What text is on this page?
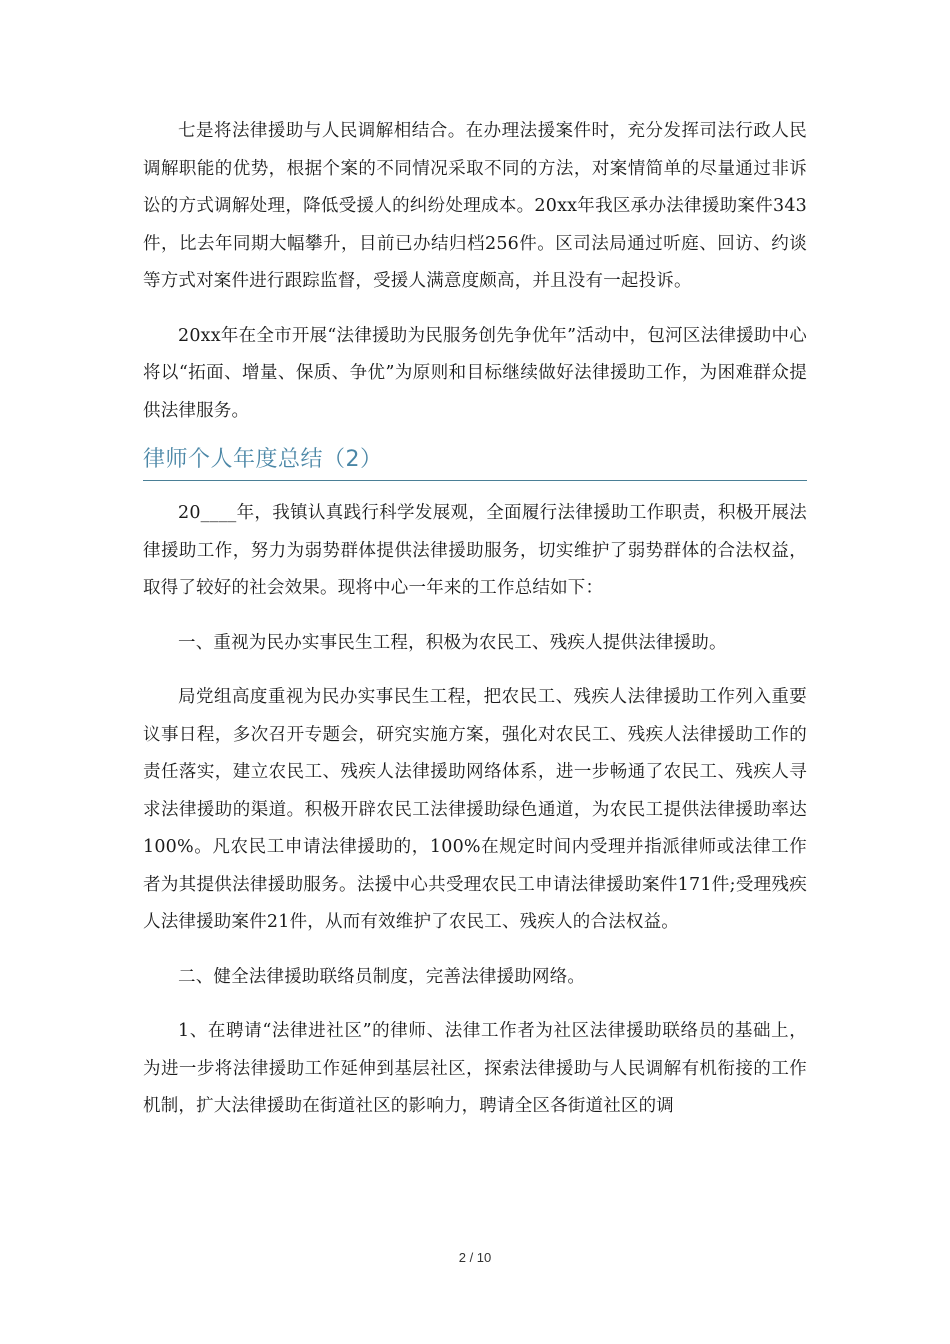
七是将法律援助与人民调解相结合。在办理法援案件时，充分发挥司法行政人民调解职能的优势，根据个案的不同情况采取不同的方法，对案情简单的尽量通过非诉讼的方式调解处理，降低受援人的纠纷处理成本。20xx年我区承办法律援助案件343件，比去年同期大幅攀升，目前已办结归档256件。区司法局通过听庭、回访、约谈等方式对案件进行跟踪监督，受援人满意度颇高，并且没有一起投诉。

20xx年在全市开展“法律援助为民服务创先争优年”活动中，包河区法律援助中心将以“拓面、增量、保质、争优”为原则和目标继续做好法律援助工作，为困难群众提供法律服务。

律师个人年度总结（2）

20____年，我镇认真践行科学发展观，全面履行法律援助工作职责，积极开展法律援助工作，努力为弱势群体提供法律援助服务，切实维护了弱势群体的合法权益，取得了较好的社会效果。现将中心一年来的工作总结如下：

一、重视为民办实事民生工程，积极为农民工、残疾人提供法律援助。

局党组高度重视为民办实事民生工程，把农民工、残疾人法律援助工作列入重要议事日程，多次召开专题会，研究实施方案，强化对农民工、残疾人法律援助工作的责任落实，建立农民工、残疾人法律援助网络体系，进一步畅通了农民工、残疾人寻求法律援助的渠道。积极开辟农民工法律援助绿色通道，为农民工提供法律援助率达100%。凡农民工申请法律援助的，100%在规定时间内受理并指派律师或法律工作者为其提供法律援助服务。法援中心共受理农民工申请法律援助案件171件;受理残疾人法律援助案件21件，从而有效维护了农民工、残疾人的合法权益。

二、健全法律援助联络员制度，完善法律援助网络。

1、在聘请“法律进社区”的律师、法律工作者为社区法律援助联络员的基础上，为进一步将法律援助工作延伸到基层社区，探索法律援助与人民调解有机衔接的工作机制，扩大法律援助在街道社区的影响力，聘请全区各街道社区的调

2 / 10
